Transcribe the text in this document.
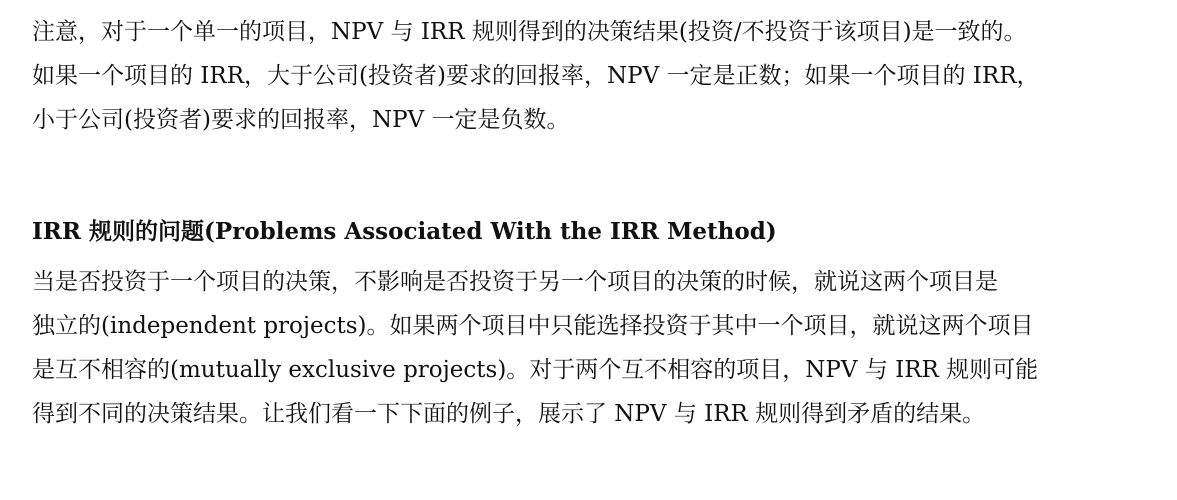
注意，对于一个单一的项目，NPV 与 IRR 规则得到的决策结果(投资/不投资于该项目)是一致的。
如果一个项目的 IRR，大于公司(投资者)要求的回报率，NPV 一定是正数；如果一个项目的 IRR，
小于公司(投资者)要求的回报率，NPV 一定是负数。

IRR 规则的问题(Problems Associated With the IRR Method)

当是否投资于一个项目的决策，不影响是否投资于另一个项目的决策的时候，就说这两个项目是
独立的(independent projects)。如果两个项目中只能选择投资于其中一个项目，就说这两个项目
是互不相容的(mutually exclusive projects)。对于两个互不相容的项目，NPV 与 IRR 规则可能
得到不同的决策结果。让我们看一下下面的例子，展示了 NPV 与 IRR 规则得到矛盾的结果。
